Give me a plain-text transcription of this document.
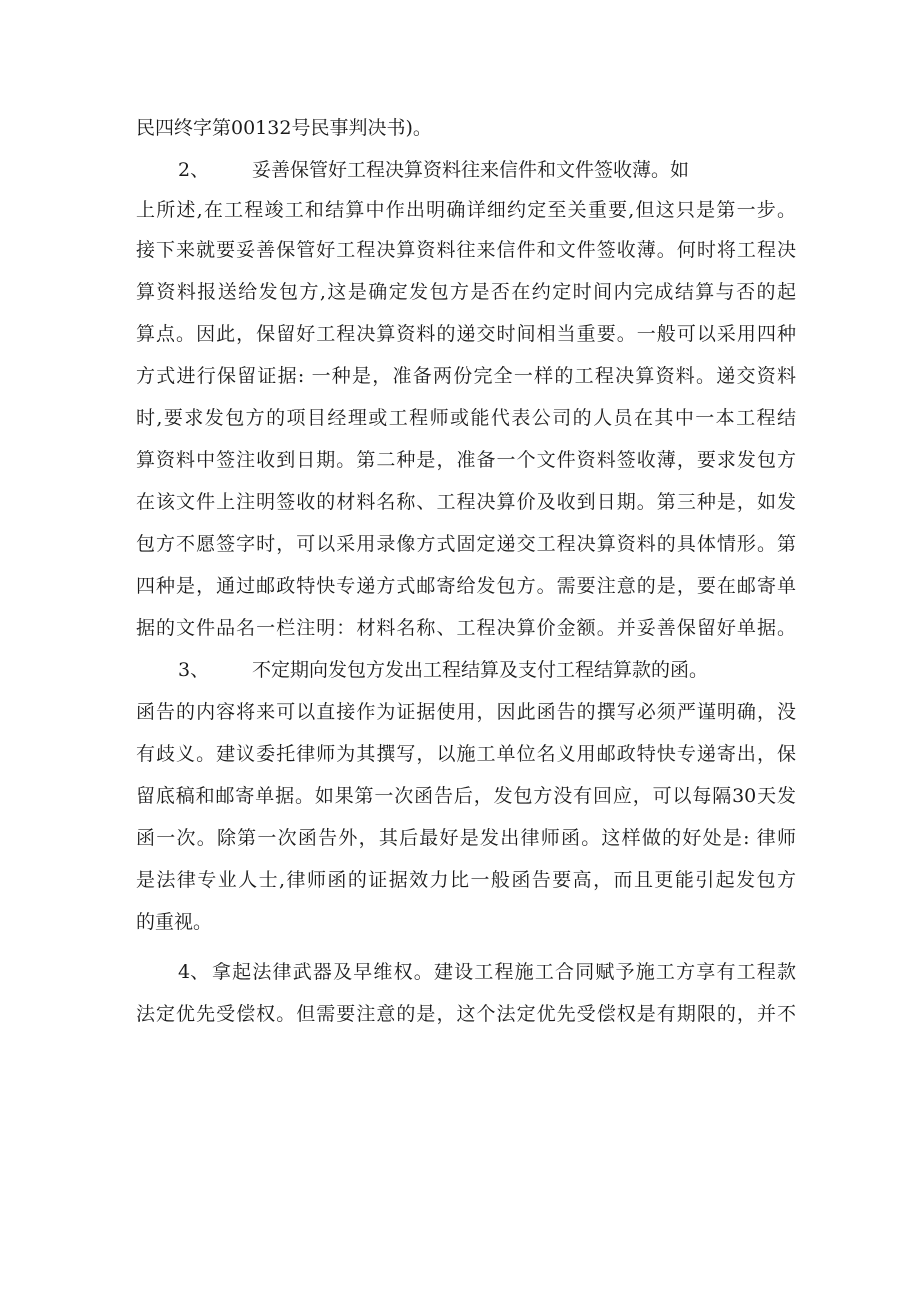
民四终字第00132号民事判决书)。
2、 妥善保管好工程决算资料往来信件和文件签收薄。如
上所述,在工程竣工和结算中作出明确详细约定至关重要,但这只是第一步。
接下来就要妥善保管好工程决算资料往来信件和文件签收薄。何时将工程决
算资料报送给发包方,这是确定发包方是否在约定时间内完成结算与否的起
算点。因此，保留好工程决算资料的递交时间相当重要。一般可以采用四种
方式进行保留证据: 一种是，准备两份完全一样的工程决算资料。递交资料
时,要求发包方的项目经理或工程师或能代表公司的人员在其中一本工程结
算资料中签注收到日期。第二种是，准备一个文件资料签收薄，要求发包方
在该文件上注明签收的材料名称、工程决算价及收到日期。第三种是，如发
包方不愿签字时，可以采用录像方式固定递交工程决算资料的具体情形。第
四种是，通过邮政特快专递方式邮寄给发包方。需要注意的是，要在邮寄单
据的文件品名一栏注明：材料名称、工程决算价金额。并妥善保留好单据。
3、 不定期向发包方发出工程结算及支付工程结算款的函。
函告的内容将来可以直接作为证据使用，因此函告的撰写必须严谨明确，没
有歧义。建议委托律师为其撰写，以施工单位名义用邮政特快专递寄出，保
留底稿和邮寄单据。如果第一次函告后，发包方没有回应，可以每隔30天发
函一次。除第一次函告外，其后最好是发出律师函。这样做的好处是: 律师
是法律专业人士,律师函的证据效力比一般函告要高，而且更能引起发包方
的重视。
4、 拿起法律武器及早维权。建设工程施工合同赋予施工方享有工程款
法定优先受偿权。但需要注意的是，这个法定优先受偿权是有期限的，并不
